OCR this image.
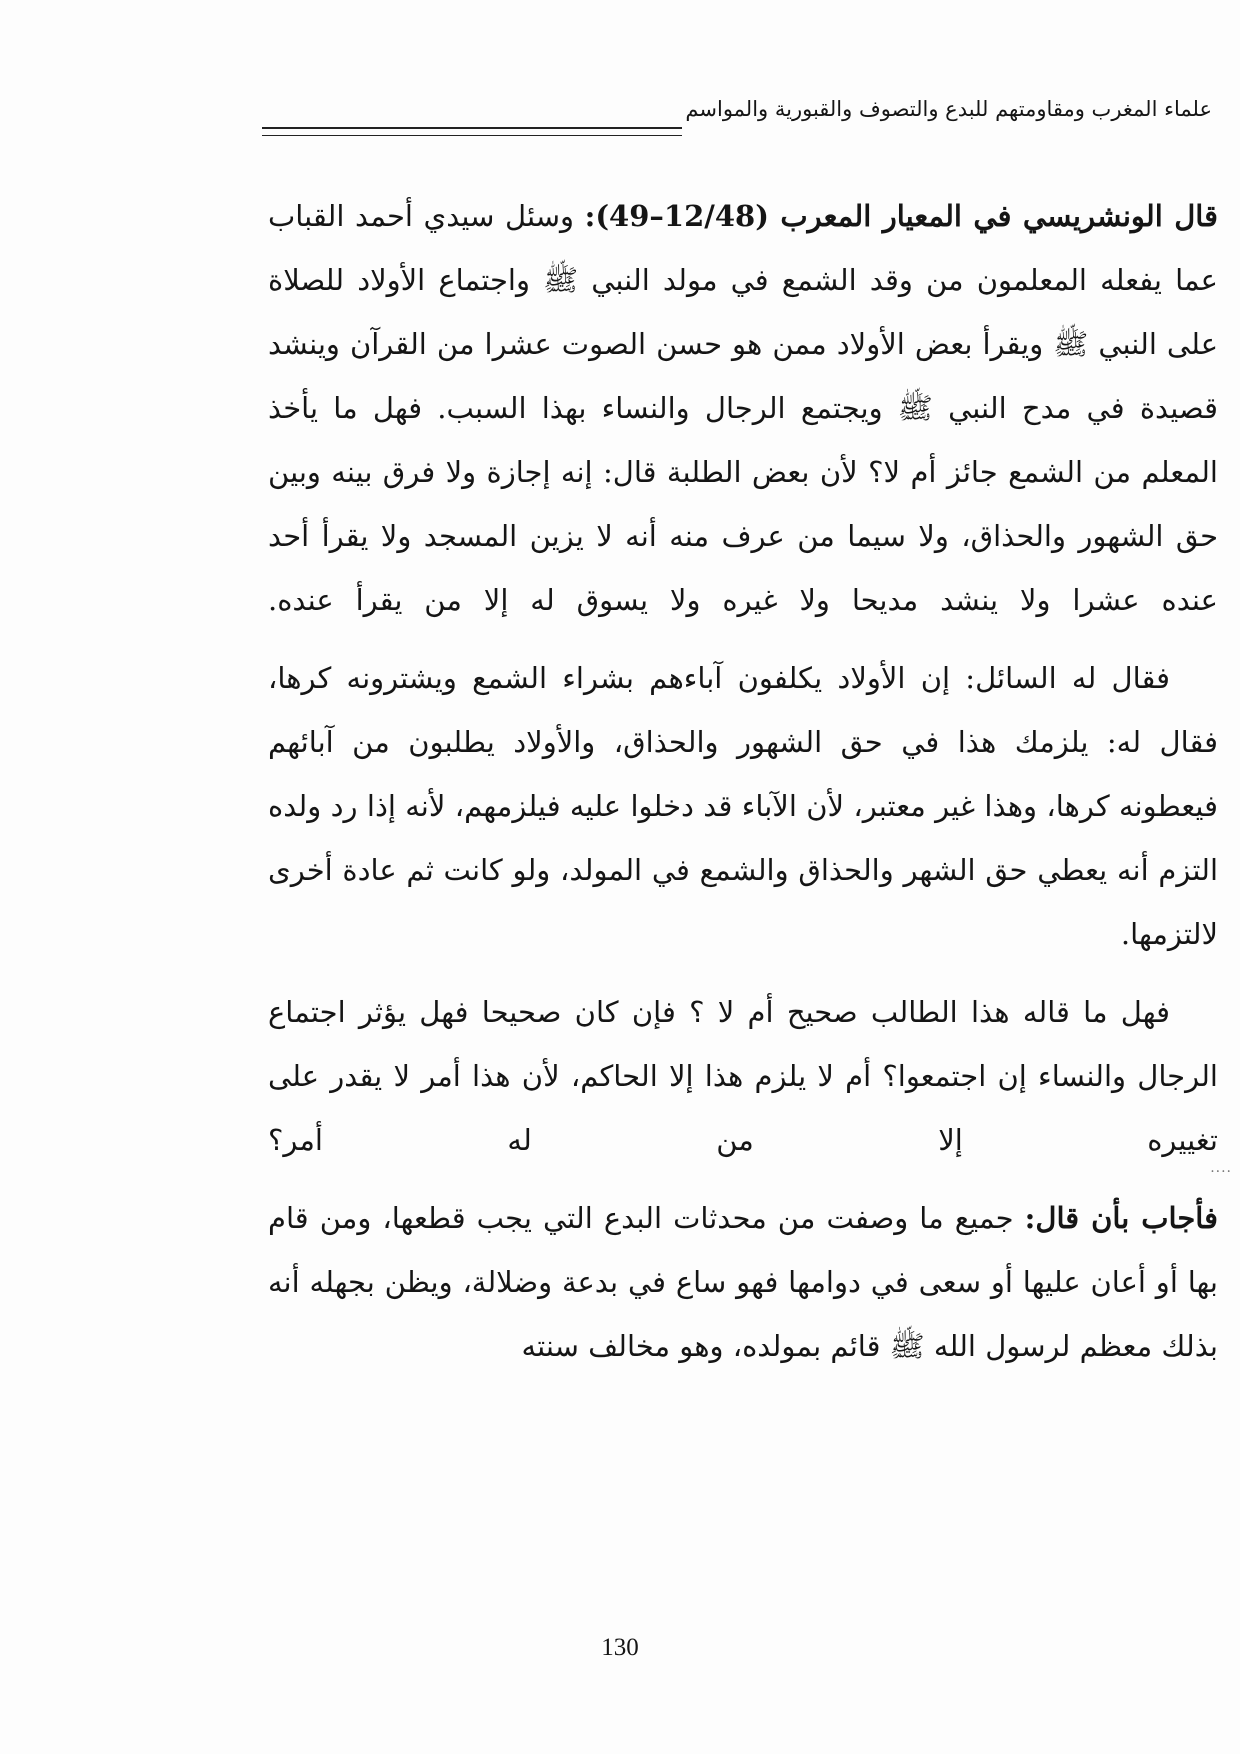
علماء المغرب ومقاومتهم للبدع والتصوف والقبورية والمواسم

قال الونشريسي في المعيار المعرب (12/48–49): وسئل سيدي أحمد القباب عما يفعله المعلمون من وقد الشمع في مولد النبي ﷺ واجتماع الأولاد للصلاة على النبي ﷺ ويقرأ بعض الأولاد ممن هو حسن الصوت عشرا من القرآن وينشد قصيدة في مدح النبي ﷺ ويجتمع الرجال والنساء بهذا السبب. فهل ما يأخذ المعلم من الشمع جائز أم لا؟ لأن بعض الطلبة قال: إنه إجازة ولا فرق بينه وبين حق الشهور والحذاق، ولا سيما من عرف منه أنه لا يزين المسجد ولا يقرأ أحد عنده عشرا ولا ينشد مديحا ولا غيره ولا يسوق له إلا من يقرأ عنده.

فقال له السائل: إن الأولاد يكلفون آباءهم بشراء الشمع ويشترونه كرها، فقال له: يلزمك هذا في حق الشهور والحذاق، والأولاد يطلبون من آبائهم فيعطونه كرها، وهذا غير معتبر، لأن الآباء قد دخلوا عليه فيلزمهم، لأنه إذا رد ولده التزم أنه يعطي حق الشهر والحذاق والشمع في المولد، ولو كانت ثم عادة أخرى لالتزمها.

فهل ما قاله هذا الطالب صحيح أم لا ؟ فإن كان صحيحا فهل يؤثر اجتماع الرجال والنساء إن اجتمعوا؟ أم لا يلزم هذا إلا الحاكم، لأن هذا أمر لا يقدر على تغييره إلا من له أمر؟

فأجاب بأن قال: جميع ما وصفت من محدثات البدع التي يجب قطعها، ومن قام بها أو أعان عليها أو سعى في دوامها فهو ساع في بدعة وضلالة، ويظن بجهله أنه بذلك معظم لرسول الله ﷺ قائم بمولده، وهو مخالف سنته

....
130
